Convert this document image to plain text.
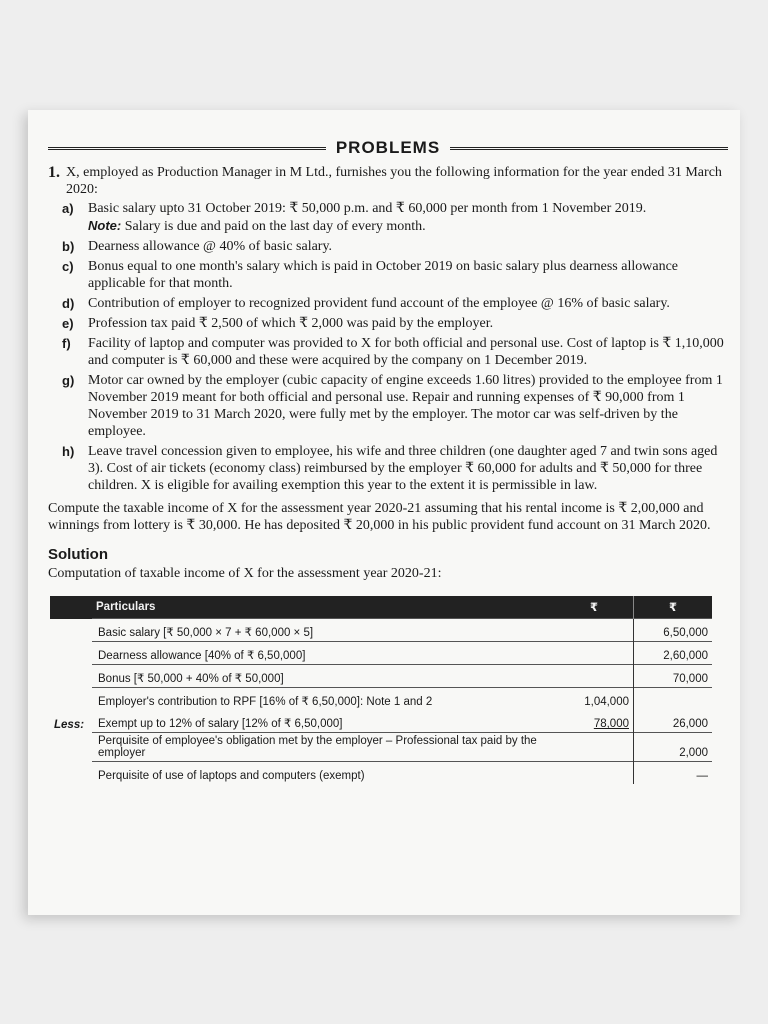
PROBLEMS
1. X, employed as Production Manager in M Ltd., furnishes you the following information for the year ended 31 March 2020:
a)	Basic salary upto 31 October 2019: ₹ 50,000 p.m. and ₹ 60,000 per month from 1 November 2019.
Note: Salary is due and paid on the last day of every month.
b) Dearness allowance @ 40% of basic salary.
c)	Bonus equal to one month's salary which is paid in October 2019 on basic salary plus dearness allowance applicable for that month.
d) Contribution of employer to recognized provident fund account of the employee @ 16% of basic salary.
e)	Profession tax paid ₹ 2,500 of which ₹ 2,000 was paid by the employer.
f)	Facility of laptop and computer was provided to X for both official and personal use. Cost of laptop is ₹ 1,10,000 and computer is ₹ 60,000 and these were acquired by the company on 1 December 2019.
g) Motor car owned by the employer (cubic capacity of engine exceeds 1.60 litres) provided to the employee from 1 November 2019 meant for both official and personal use. Repair and running expenses of ₹ 90,000 from 1 November 2019 to 31 March 2020, were fully met by the employer. The motor car was self-driven by the employee.
h) Leave travel concession given to employee, his wife and three children (one daughter aged 7 and twin sons aged 3). Cost of air tickets (economy class) reimbursed by the employer ₹ 60,000 for adults and ₹ 50,000 for three children. X is eligible for availing exemption this year to the extent it is permissible in law.
Compute the taxable income of X for the assessment year 2020-21 assuming that his rental income is ₹ 2,00,000 and winnings from lottery is ₹ 30,000. He has deposited ₹ 20,000 in his public provident fund account on 31 March 2020.
Solution
Computation of taxable income of X for the assessment year 2020-21:
	Particulars	₹	₹
	Basic salary [₹ 50,000 × 7 + ₹ 60,000 × 5]		6,50,000
	Dearness allowance [40% of ₹ 6,50,000]		2,60,000
	Bonus [₹ 50,000 + 40% of ₹ 50,000]		70,000
	Employer's contribution to RPF [16% of ₹ 6,50,000]: Note 1 and 2	1,04,000	
Less:	Exempt up to 12% of salary [12% of ₹ 6,50,000]	78,000	26,000
	Perquisite of employee's obligation met by the employer – Professional tax paid by the employer		2,000
	Perquisite of use of laptops and computers (exempt)		—
